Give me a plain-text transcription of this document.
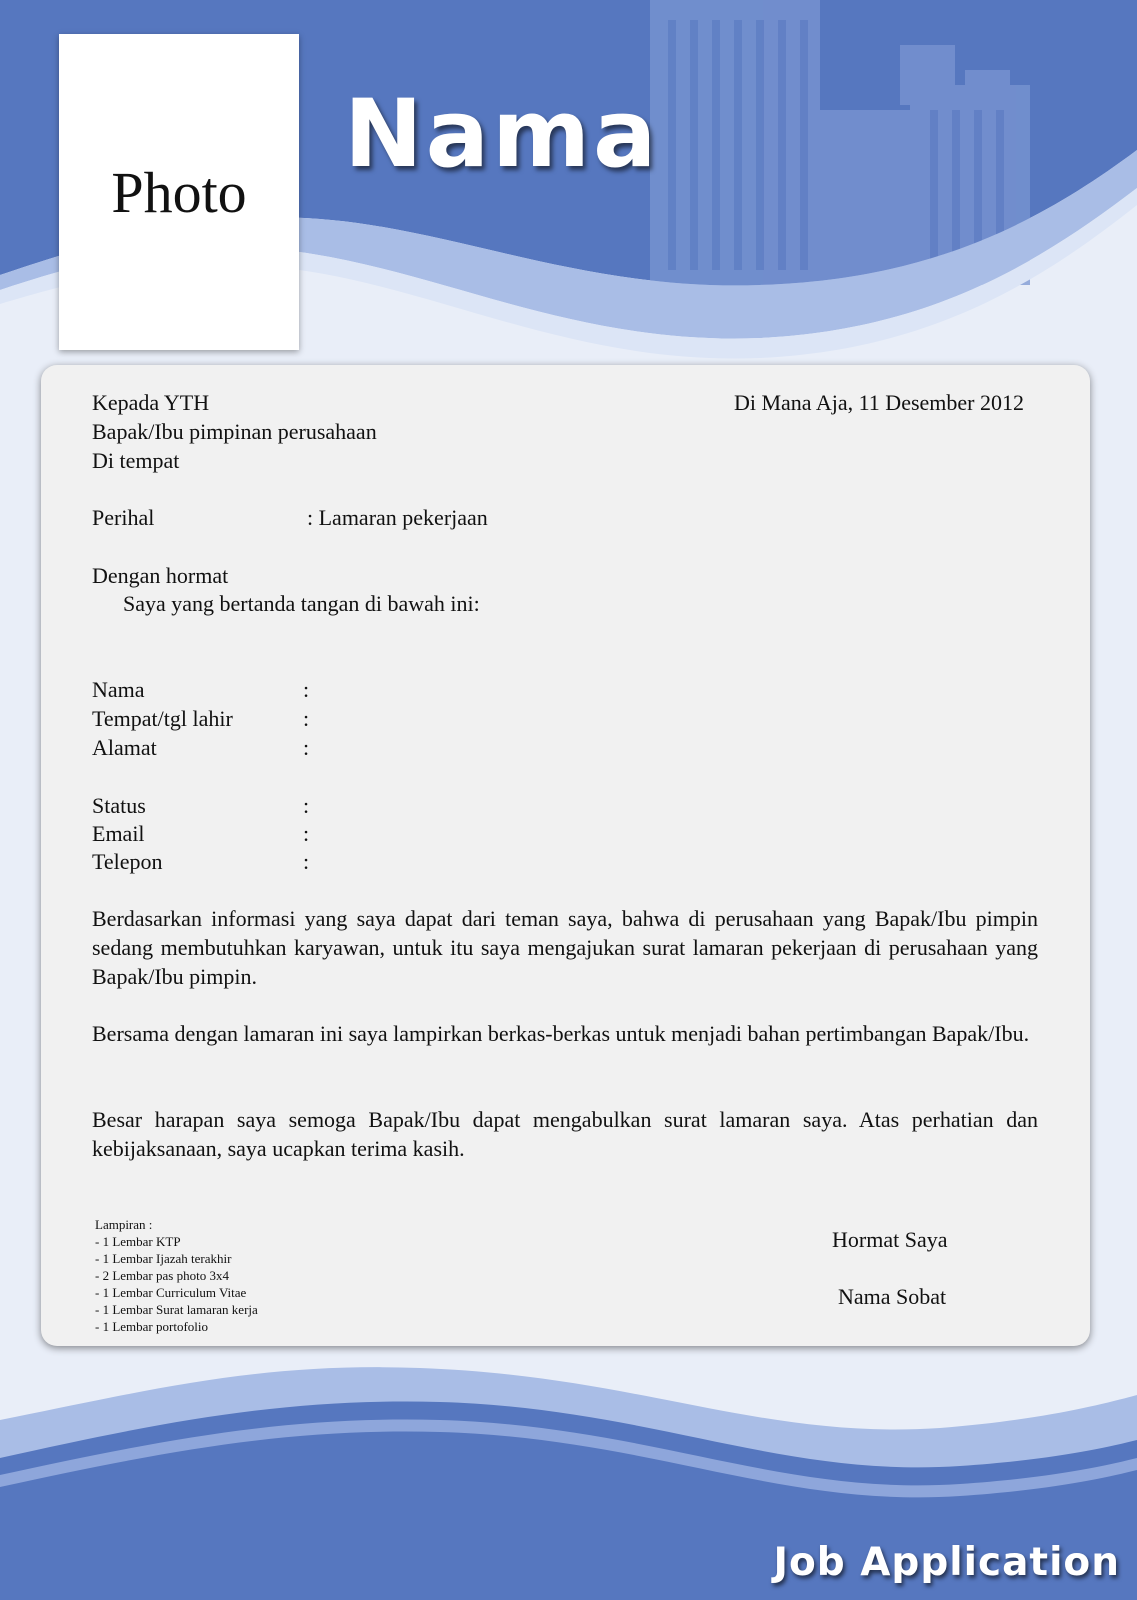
Photo
Nama
Kepada YTH
Bapak/Ibu pimpinan perusahaan
Di tempat
Di Mana Aja, 11 Desember 2012
Perihal	: Lamaran pekerjaan
Dengan hormat
Saya yang bertanda tangan di bawah ini:
Nama	:
Tempat/tgl lahir	:
Alamat	:
Status	:
Email	:
Telepon	:

Berdasarkan informasi yang saya dapat dari teman saya, bahwa di perusahaan yang Bapak/Ibu pimpin sedang membutuhkan karyawan, untuk itu saya mengajukan surat lamaran pekerjaan di perusahaan yang Bapak/Ibu pimpin.

Bersama dengan lamaran ini saya lampirkan berkas-berkas untuk menjadi bahan pertimbangan Bapak/Ibu.

Besar harapan saya semoga Bapak/Ibu dapat mengabulkan surat lamaran saya. Atas perhatian dan kebijaksanaan, saya ucapkan terima kasih.

Lampiran :
- 1 Lembar KTP
- 1 Lembar Ijazah terakhir
- 2 Lembar pas photo 3x4
- 1 Lembar Curriculum Vitae
- 1 Lembar Surat lamaran kerja
- 1 Lembar portofolio
Hormat Saya
Nama Sobat
Job Application
